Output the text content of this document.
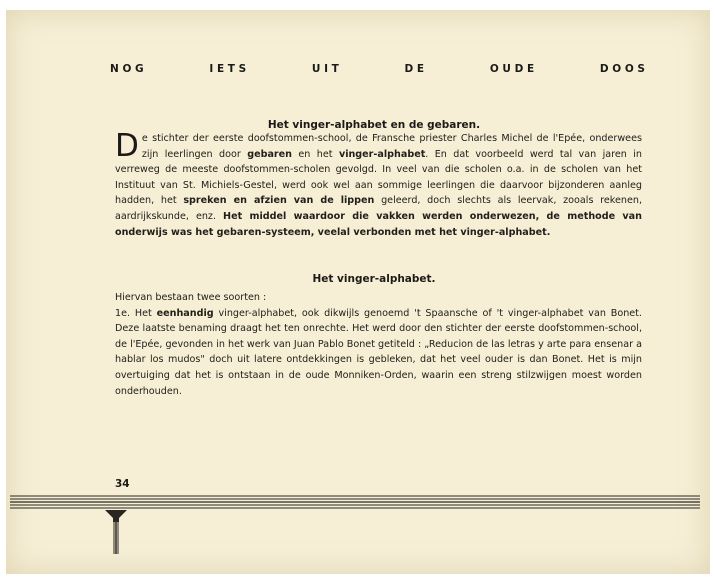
N O G	I E T S	U I T	D E	O U D E	D O O S
Het vinger-alphabet en de gebaren.
De stichter der eerste doofstommen-school, de Fransche priester Charles Michel de l'Epée, onderwees zijn leerlingen door gebaren en het vinger-alphabet. En dat voorbeeld werd tal van jaren in verreweg de meeste doofstommen-scholen gevolgd. In veel van die scholen o.a. in de scholen van het Instituut van St. Michiels-Gestel, werd ook wel aan sommige leerlingen die daarvoor bijzonderen aanleg hadden, het spreken en afzien van de lippen geleerd, doch slechts als leervak, zooals rekenen, aardrijkskunde, enz. Het middel waardoor die vakken werden onderwezen, de methode van onderwijs was het gebaren-systeem, veelal verbonden met het vinger-alphabet.
Het vinger-alphabet.
Hiervan bestaan twee soorten :
1e. Het eenhandig vinger-alphabet, ook dikwijls genoemd 't Spaansche of 't vinger-alphabet van Bonet. Deze laatste benaming draagt het ten onrechte. Het werd door den stichter der eerste doofstommen-school, de l'Epée, gevonden in het werk van Juan Pablo Bonet getiteld : „Reducion de las letras y arte para ensenar a hablar los mudos" doch uit latere ontdekkingen is gebleken, dat het veel ouder is dan Bonet. Het is mijn overtuiging dat het is ontstaan in de oude Monniken-Orden, waarin een streng stilzwijgen moest worden onderhouden.
34
